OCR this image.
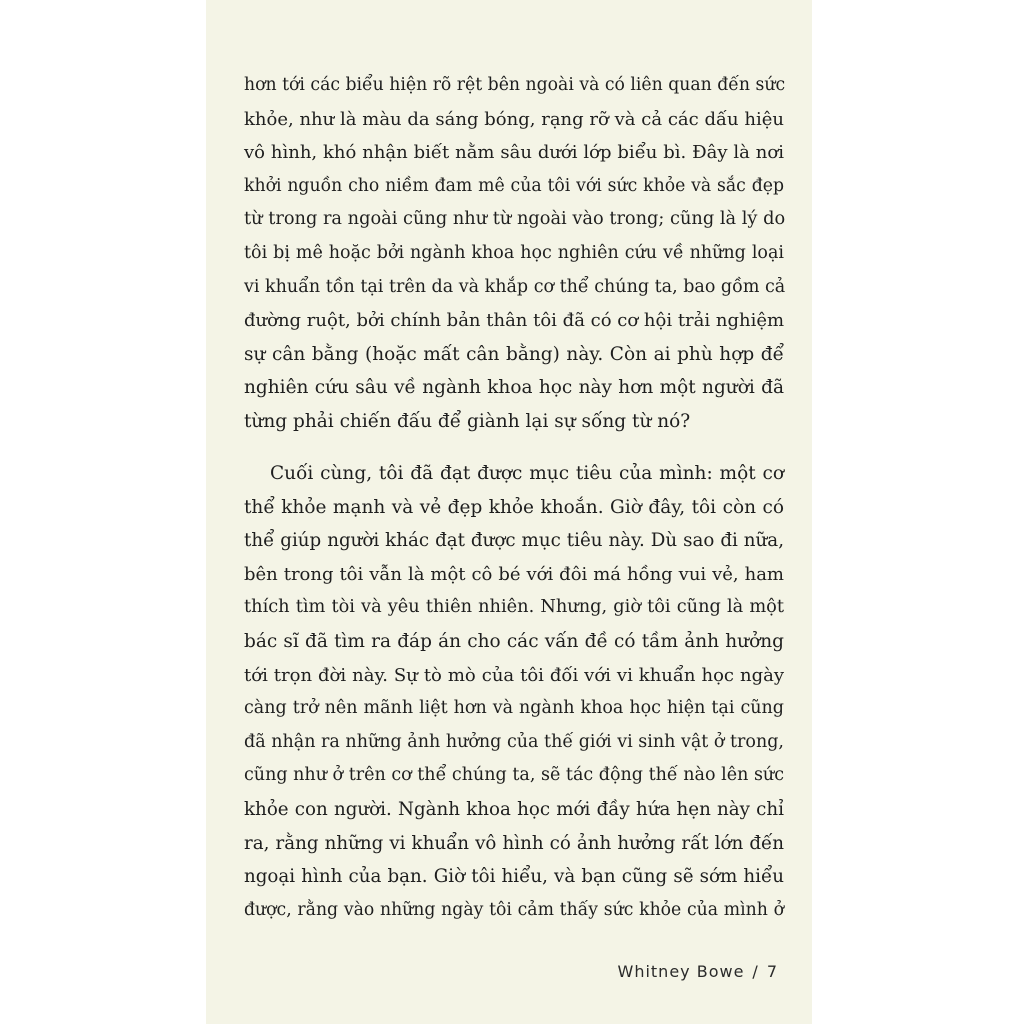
hơn tới các biểu hiện rõ rệt bên ngoài và có liên quan đến sức
khỏe, như là màu da sáng bóng, rạng rỡ và cả các dấu hiệu
vô hình, khó nhận biết nằm sâu dưới lớp biểu bì. Đây là nơi
khởi nguồn cho niềm đam mê của tôi với sức khỏe và sắc đẹp
từ trong ra ngoài cũng như từ ngoài vào trong; cũng là lý do
tôi bị mê hoặc bởi ngành khoa học nghiên cứu về những loại
vi khuẩn tồn tại trên da và khắp cơ thể chúng ta, bao gồm cả
đường ruột, bởi chính bản thân tôi đã có cơ hội trải nghiệm
sự cân bằng (hoặc mất cân bằng) này. Còn ai phù hợp để
nghiên cứu sâu về ngành khoa học này hơn một người đã
từng phải chiến đấu để giành lại sự sống từ nó?
Cuối cùng, tôi đã đạt được mục tiêu của mình: một cơ
thể khỏe mạnh và vẻ đẹp khỏe khoắn. Giờ đây, tôi còn có
thể giúp người khác đạt được mục tiêu này. Dù sao đi nữa,
bên trong tôi vẫn là một cô bé với đôi má hồng vui vẻ, ham
thích tìm tòi và yêu thiên nhiên. Nhưng, giờ tôi cũng là một
bác sĩ đã tìm ra đáp án cho các vấn đề có tầm ảnh hưởng
tới trọn đời này. Sự tò mò của tôi đối với vi khuẩn học ngày
càng trở nên mãnh liệt hơn và ngành khoa học hiện tại cũng
đã nhận ra những ảnh hưởng của thế giới vi sinh vật ở trong,
cũng như ở trên cơ thể chúng ta, sẽ tác động thế nào lên sức
khỏe con người. Ngành khoa học mới đầy hứa hẹn này chỉ
ra, rằng những vi khuẩn vô hình có ảnh hưởng rất lớn đến
ngoại hình của bạn. Giờ tôi hiểu, và bạn cũng sẽ sớm hiểu
được, rằng vào những ngày tôi cảm thấy sức khỏe của mình ở
Whitney Bowe / 7
